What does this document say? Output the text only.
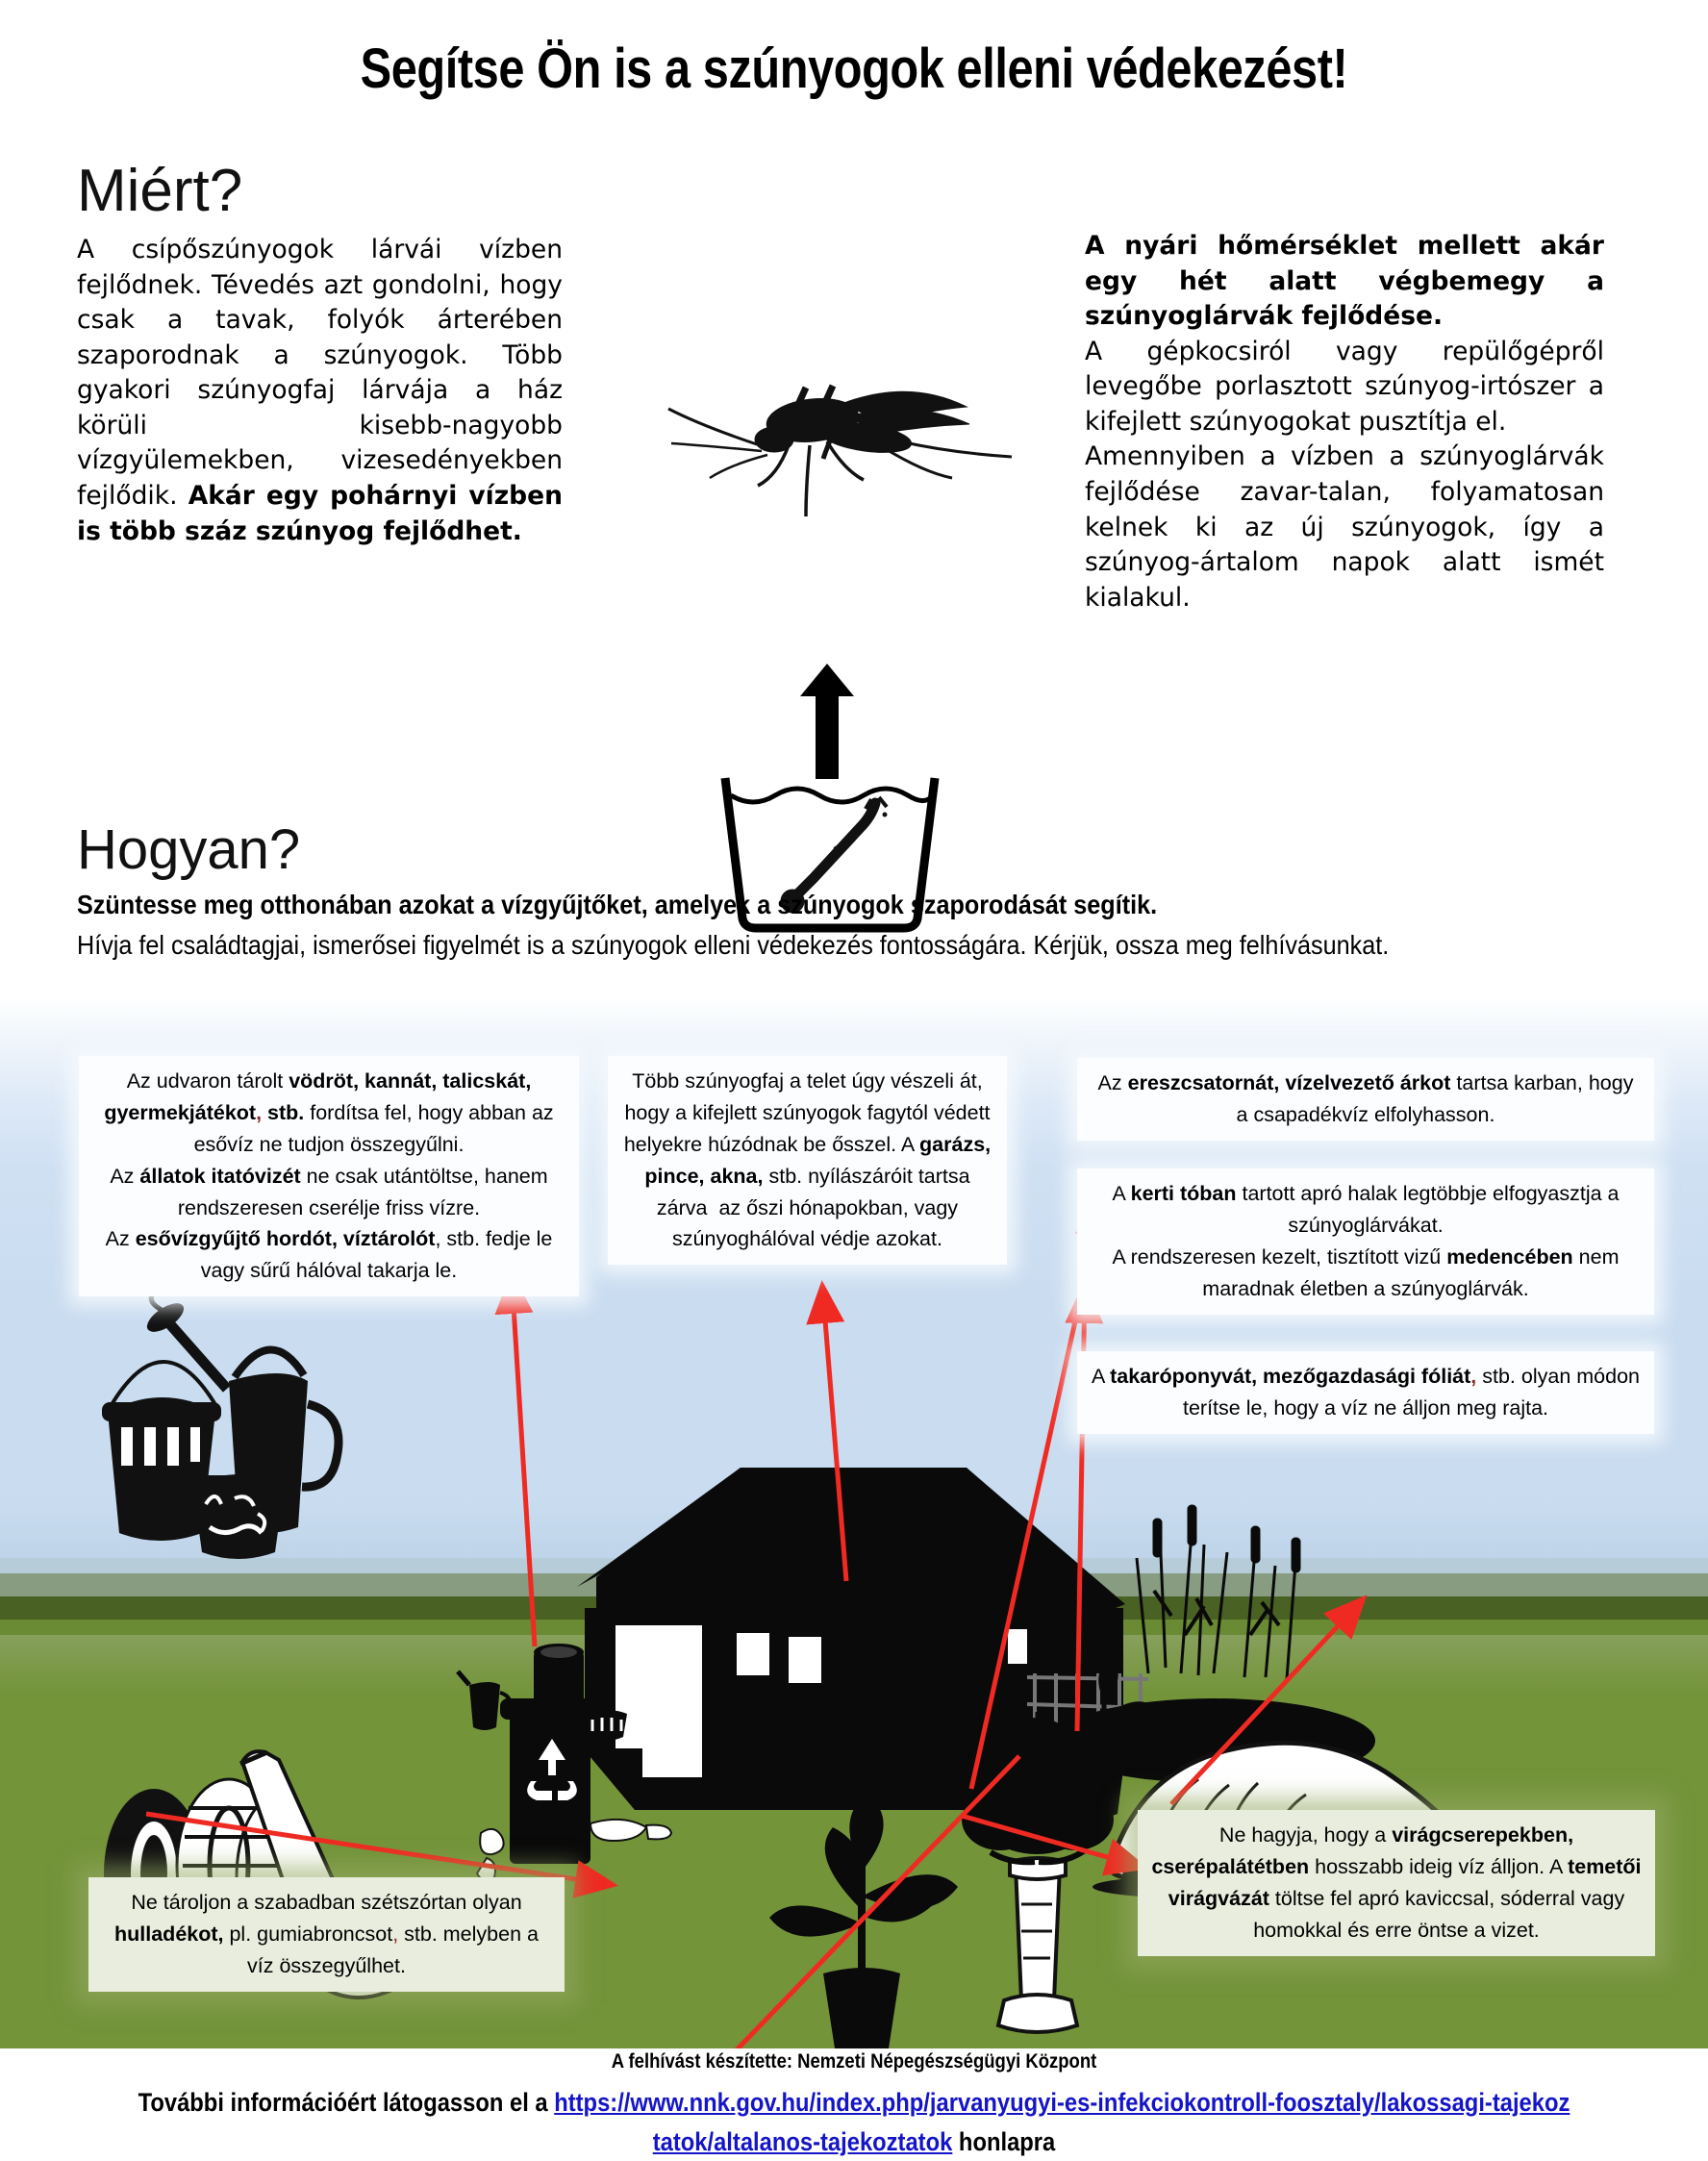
Segítse Ön is a szúnyogok elleni védekezést!
Miért?

A csípőszúnyogok lárvái vízben fejlődnek. Tévedés azt gondolni, hogy csak a tavak, folyók árterében szaporodnak a szúnyogok. Több gyakori szúnyogfaj lárvája a ház körüli kisebb-nagyobb vízgyülemekben, vizesedényekben fejlődik. Akár egy pohárnyi vízben is több száz szúnyog fejlődhet.

A nyári hőmérséklet mellett akár egy hét alatt végbemegy a szúnyoglárvák fejlődése.

A gépkocsiról vagy repülőgépről levegőbe porlasztott szúnyog-irtószer a kifejlett szúnyogokat pusztítja el.

Amennyiben a vízben a szúnyoglárvák fejlődése zavar-talan, folyamatosan kelnek ki az új szúnyogok, így a szúnyog-ártalom napok alatt ismét kialakul.

Hogyan?
Szüntesse meg otthonában azokat a vízgyűjtőket, amelyek a szúnyogok szaporodását segítik.
Hívja fel családtagjai, ismerősei figyelmét is a szúnyogok elleni védekezés fontosságára. Kérjük, ossza meg felhívásunkat.
Az udvaron tárolt vödröt, kannát, talicskát, gyermekjátékot, stb. fordítsa fel, hogy abban az esővíz ne tudjon összegyűlni.
Az állatok itatóvizét ne csak utántöltse, hanem rendszeresen cserélje friss vízre.
Az esővízgyűjtő hordót, víztárolót, stb. fedje le vagy sűrű hálóval takarja le.
Több szúnyogfaj a telet úgy vészeli át, hogy a kifejlett szúnyogok fagytól védett helyekre húzódnak be ősszel. A garázs, pince, akna, stb. nyílászáróit tartsa zárva  az őszi hónapokban, vagy szúnyoghálóval védje azokat.
Az ereszcsatornát, vízelvezető árkot tartsa karban, hogy a csapadékvíz elfolyhasson.
A kerti tóban tartott apró halak legtöbbje elfogyasztja a szúnyoglárvákat.
A rendszeresen kezelt, tisztított vizű medencében nem maradnak életben a szúnyoglárvák.
A takaróponyvát, mezőgazdasági fóliát, stb. olyan módon terítse le, hogy a víz ne álljon meg rajta.
Ne tároljon a szabadban szétszórtan olyan hulladékot, pl. gumiabroncsot, stb. melyben a víz összegyűlhet.
Ne hagyja, hogy a virágcserepekben, cserépalátétben hosszabb ideig víz álljon. A temetői virágvázát töltse fel apró kaviccsal, sóderral vagy homokkal és erre öntse a vizet.
A felhívást készítette: Nemzeti Népegészségügyi Központ
További információért látogasson el a https://www.nnk.gov.hu/index.php/jarvanyugyi-es-infekciokontroll-foosztaly/lakossagi-tajekoztatok/altalanos-tajekoztatok honlapra
